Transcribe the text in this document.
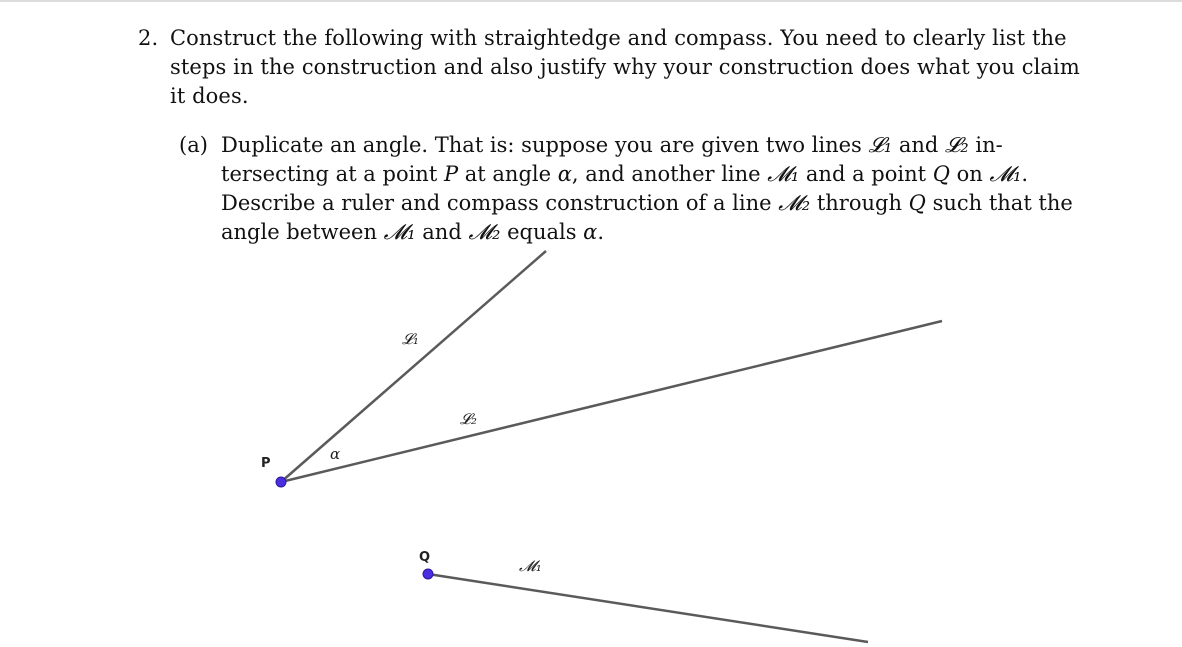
2. Construct the following with straightedge and compass. You need to clearly list the
steps in the construction and also justify why your construction does what you claim
it does.
(a) Duplicate an angle. That is: suppose you are given two lines 𝓛₁ and 𝓛₂ in-
tersecting at a point P at angle α, and another line 𝓜₁ and a point Q on 𝓜₁.
Describe a ruler and compass construction of a line 𝓜₂ through Q such that the
angle between 𝓜₁ and 𝓜₂ equals α.
𝓛₁
𝓛₂
α
P
Q	𝓜₁
